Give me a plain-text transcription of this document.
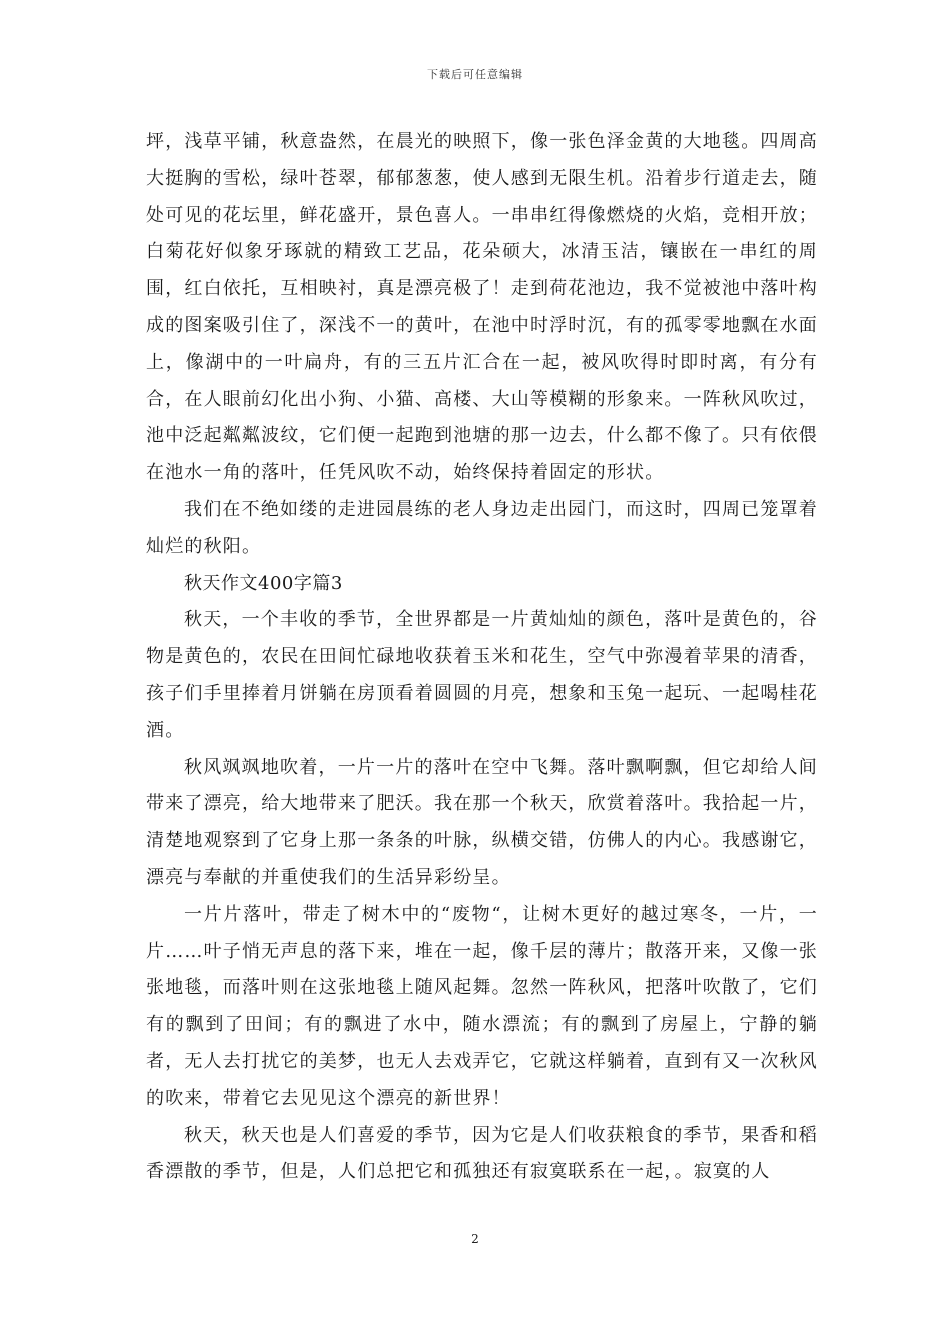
下载后可任意编辑

坪，浅草平铺，秋意盎然，在晨光的映照下，像一张色泽金黄的大地毯。四周高大挺胸的雪松，绿叶苍翠，郁郁葱葱，使人感到无限生机。沿着步行道走去，随处可见的花坛里，鲜花盛开，景色喜人。一串串红得像燃烧的火焰，竞相开放；白菊花好似象牙琢就的精致工艺品，花朵硕大，冰清玉洁，镶嵌在一串红的周围，红白依托，互相映衬，真是漂亮极了！走到荷花池边，我不觉被池中落叶构成的图案吸引住了，深浅不一的黄叶，在池中时浮时沉，有的孤零零地飘在水面上，像湖中的一叶扁舟，有的三五片汇合在一起，被风吹得时即时离，有分有合，在人眼前幻化出小狗、小猫、高楼、大山等模糊的形象来。一阵秋风吹过，池中泛起粼粼波纹，它们便一起跑到池塘的那一边去，什么都不像了。只有依偎在池水一角的落叶，任凭风吹不动，始终保持着固定的形状。

我们在不绝如缕的走进园晨练的老人身边走出园门，而这时，四周已笼罩着灿烂的秋阳。

秋天作文400字篇3

秋天，一个丰收的季节，全世界都是一片黄灿灿的颜色，落叶是黄色的，谷物是黄色的，农民在田间忙碌地收获着玉米和花生，空气中弥漫着苹果的清香，孩子们手里捧着月饼躺在房顶看着圆圆的月亮，想象和玉兔一起玩、一起喝桂花酒。

秋风飒飒地吹着，一片一片的落叶在空中飞舞。落叶飘啊飘，但它却给人间带来了漂亮，给大地带来了肥沃。我在那一个秋天，欣赏着落叶。我拾起一片，清楚地观察到了它身上那一条条的叶脉，纵横交错，仿佛人的内心。我感谢它，漂亮与奉献的并重使我们的生活异彩纷呈。

一片片落叶，带走了树木中的“废物“，让树木更好的越过寒冬，一片，一片……叶子悄无声息的落下来，堆在一起，像千层的薄片；散落开来，又像一张张地毯，而落叶则在这张地毯上随风起舞。忽然一阵秋风，把落叶吹散了，它们有的飘到了田间；有的飘进了水中，随水漂流；有的飘到了房屋上，宁静的躺者，无人去打扰它的美梦，也无人去戏弄它，它就这样躺着，直到有又一次秋风的吹来，带着它去见见这个漂亮的新世界！

秋天，秋天也是人们喜爱的季节，因为它是人们收获粮食的季节，果香和稻香漂散的季节，但是，人们总把它和孤独还有寂寞联系在一起，。寂寞的人

2
